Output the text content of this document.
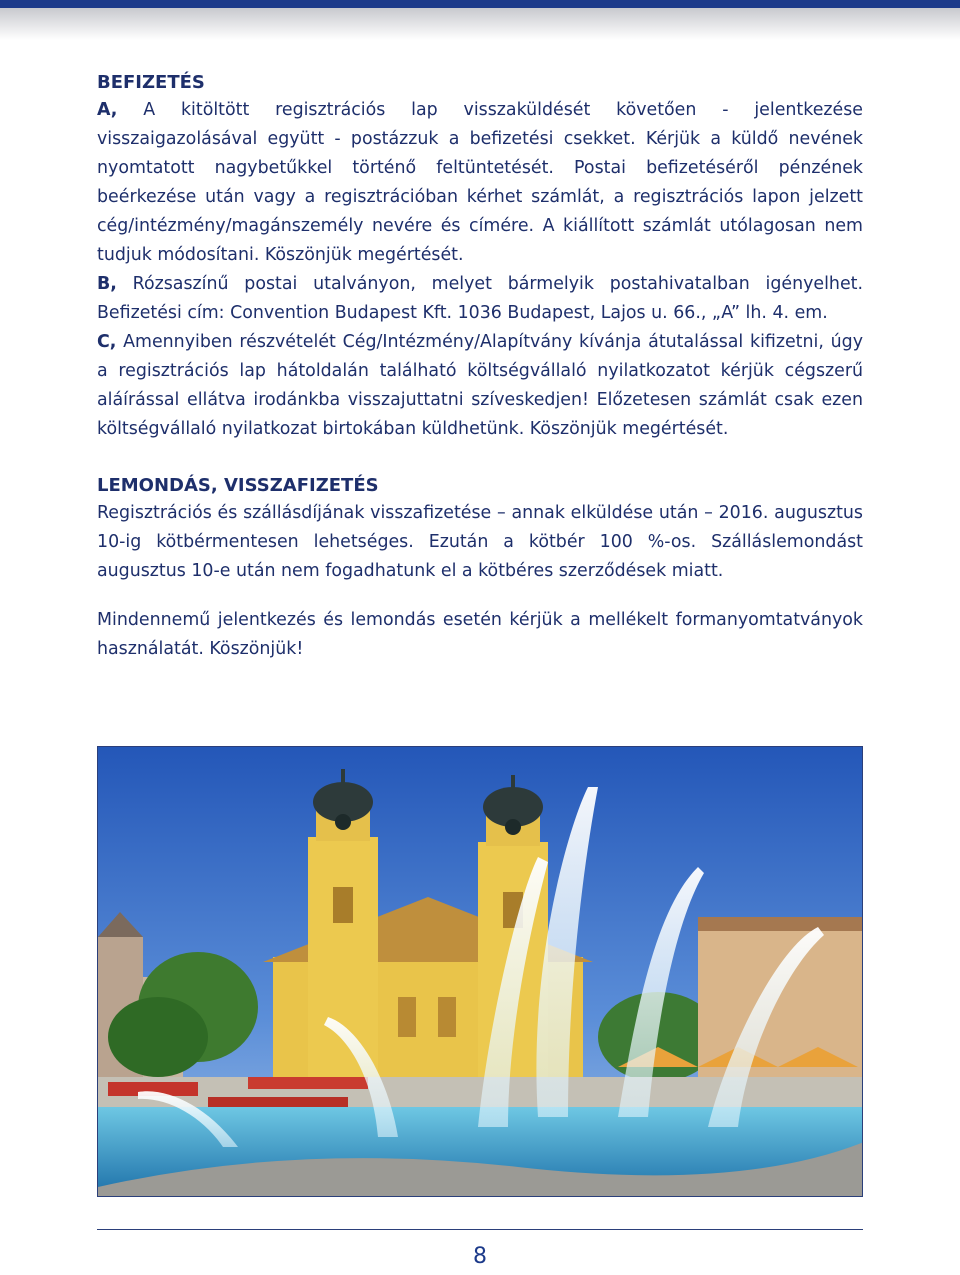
BEFIZETÉS

A, A kitöltött regisztrációs lap visszaküldését követően - jelentkezése visszaigazolásával együtt - postázzuk a befizetési csekket. Kérjük a küldő nevének nyomtatott nagybetűkkel történő feltüntetését. Postai befizetéséről pénzének beérkezése után vagy a regisztrációban kérhet számlát, a regisztrációs lapon jelzett cég/intézmény/magánszemély nevére és címére. A kiállított számlát utólagosan nem tudjuk módosítani. Köszönjük megértését.

B, Rózsaszínű postai utalványon, melyet bármelyik postahivatalban igényelhet. Befizetési cím: Convention Budapest Kft. 1036 Budapest, Lajos u. 66., „A” lh. 4. em.

C, Amennyiben részvételét Cég/Intézmény/Alapítvány kívánja átutalással kifizetni, úgy a regisztrációs lap hátoldalán található költségvállaló nyilatkozatot kérjük cégszerű aláírással ellátva irodánkba visszajuttatni szíveskedjen! Előzetesen számlát csak ezen költségvállaló nyilatkozat birtokában küldhetünk. Köszönjük megértését.

LEMONDÁS, VISSZAFIZETÉS

Regisztrációs és szállásdíjának visszafizetése – annak elküldése után – 2016. augusztus 10-ig kötbérmentesen lehetséges. Ezután a kötbér 100 %-os. Szálláslemondást augusztus 10-e után nem fogadhatunk el a kötbéres szerződések miatt.

Mindennemű jelentkezés és lemondás esetén kérjük a mellékelt formanyomtatványok használatát. Köszönjük!

8
